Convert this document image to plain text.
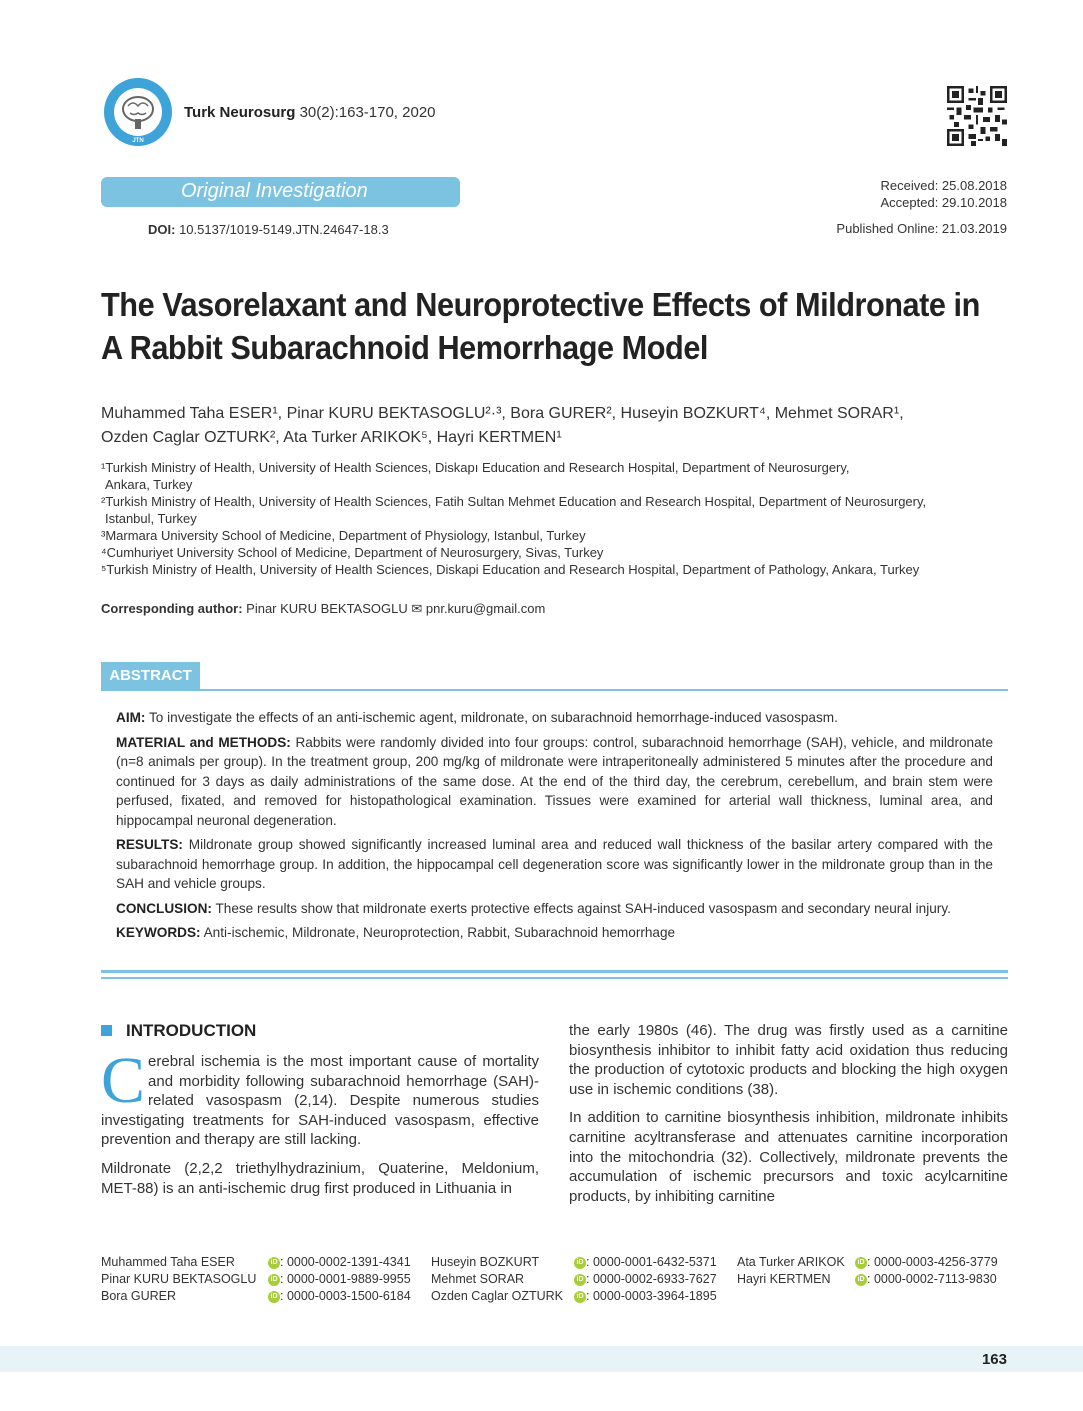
JTN
Turk Neurosurg 30(2):163-170, 2020
Original Investigation
DOI: 10.5137/1019-5149.JTN.24647-18.3
Received: 25.08.2018
Accepted: 29.10.2018
Published Online: 21.03.2019
The Vasorelaxant and Neuroprotective Effects of Mildronate in
A Rabbit Subarachnoid Hemorrhage Model
Muhammed Taha ESER¹, Pinar KURU BEKTASOGLU²·³, Bora GURER², Huseyin BOZKURT⁴, Mehmet SORAR¹,
Ozden Caglar OZTURK², Ata Turker ARIKOK⁵, Hayri KERTMEN¹
¹Turkish Ministry of Health, University of Health Sciences, Diskapı Education and Research Hospital, Department of Neurosurgery,
Ankara, Turkey
²Turkish Ministry of Health, University of Health Sciences, Fatih Sultan Mehmet Education and Research Hospital, Department of Neurosurgery,
Istanbul, Turkey
³Marmara University School of Medicine, Department of Physiology, Istanbul, Turkey
⁴Cumhuriyet University School of Medicine, Department of Neurosurgery, Sivas, Turkey
⁵Turkish Ministry of Health, University of Health Sciences, Diskapi Education and Research Hospital, Department of Pathology, Ankara, Turkey
Corresponding author: Pinar KURU BEKTASOGLU ✉ pnr.kuru@gmail.com
ABSTRACT

AIM: To investigate the effects of an anti-ischemic agent, mildronate, on subarachnoid hemorrhage-induced vasospasm.

MATERIAL and METHODS: Rabbits were randomly divided into four groups: control, subarachnoid hemorrhage (SAH), vehicle, and mildronate (n=8 animals per group). In the treatment group, 200 mg/kg of mildronate were intraperitoneally administered 5 minutes after the procedure and continued for 3 days as daily administrations of the same dose. At the end of the third day, the cerebrum, cerebellum, and brain stem were perfused, fixated, and removed for histopathological examination. Tissues were examined for arterial wall thickness, luminal area, and hippocampal neuronal degeneration.

RESULTS: Mildronate group showed significantly increased luminal area and reduced wall thickness of the basilar artery compared with the subarachnoid hemorrhage group. In addition, the hippocampal cell degeneration score was significantly lower in the mildronate group than in the SAH and vehicle groups.

CONCLUSION: These results show that mildronate exerts protective effects against SAH-induced vasospasm and secondary neural injury.

KEYWORDS: Anti-ischemic, Mildronate, Neuroprotection, Rabbit, Subarachnoid hemorrhage

INTRODUCTION

Cerebral ischemia is the most important cause of mortality and morbidity following subarachnoid hemorrhage (SAH)-related vasospasm (2,14). Despite numerous studies investigating treatments for SAH-induced vasospasm, effective prevention and therapy are still lacking.

Mildronate (2,2,2 triethylhydrazinium, Quaterine, Meldonium, MET-88) is an anti-ischemic drug first produced in Lithuania in

the early 1980s (46). The drug was firstly used as a carnitine biosynthesis inhibitor to inhibit fatty acid oxidation thus reducing the production of cytotoxic products and blocking the high oxygen use in ischemic conditions (38).

In addition to carnitine biosynthesis inhibition, mildronate inhibits carnitine acyltransferase and attenuates carnitine incorporation into the mitochondria (32). Collectively, mildronate prevents the accumulation of ischemic precursors and toxic acylcarnitine products, by inhibiting carnitine

Muhammed Taha ESER	iD : 0000-0002-1391-4341
Pinar KURU BEKTASOGLU	iD : 0000-0001-9889-9955
Bora GURER	iD : 0000-0003-1500-6184
Huseyin BOZKURT	iD : 0000-0001-6432-5371
Mehmet SORAR	iD : 0000-0002-6933-7627
Ozden Caglar OZTURK	iD : 0000-0003-3964-1895
Ata Turker ARIKOK	iD : 0000-0003-4256-3779
Hayri KERTMEN	iD : 0000-0002-7113-9830
163
